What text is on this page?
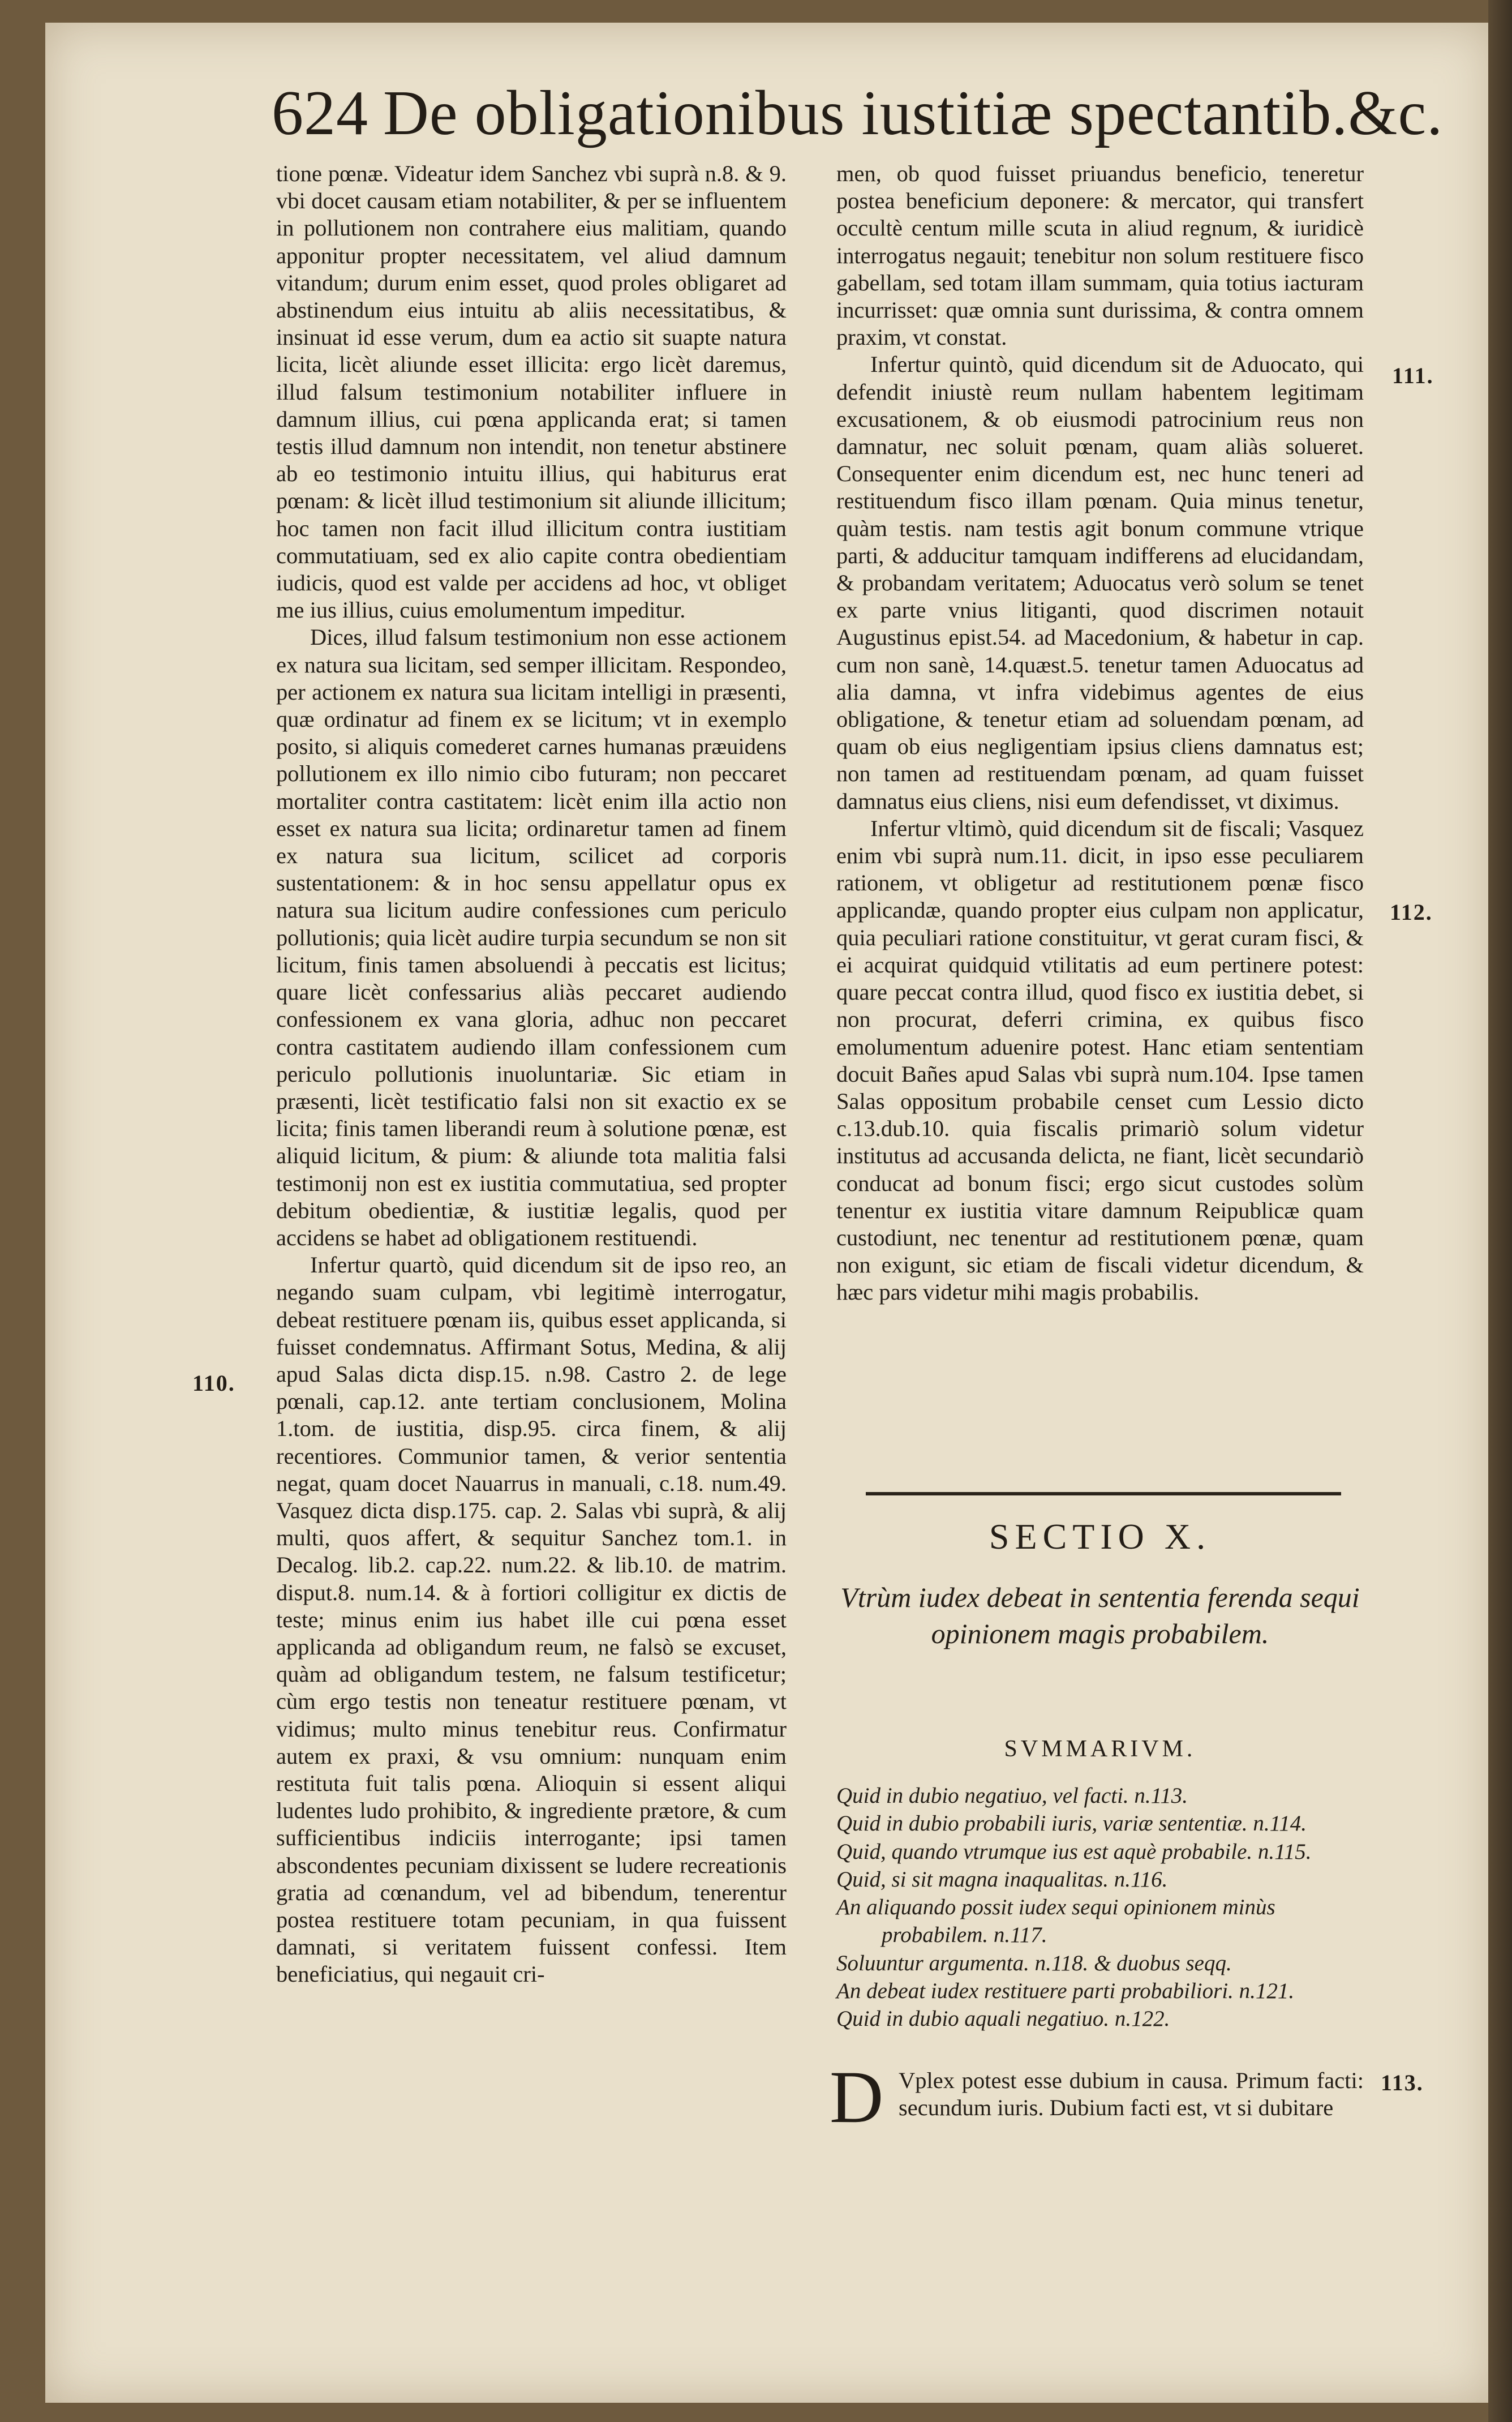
624 De obligationibus iustitiæ spectantib.&c.

tione pœnæ. Videatur idem Sanchez vbi suprà n.8. & 9. vbi docet causam etiam notabiliter, & per se influentem in pollutionem non contrahere eius malitiam, quando apponitur propter necessitatem, vel aliud damnum vitandum; durum enim esset, quod proles obligaret ad abstinendum eius intuitu ab aliis necessitatibus, & insinuat id esse verum, dum ea actio sit suapte natura licita, licèt aliunde esset illicita: ergo licèt daremus, illud falsum testimonium notabiliter influere in damnum illius, cui pœna applicanda erat; si tamen testis illud damnum non intendit, non tenetur abstinere ab eo testimonio intuitu illius, qui habiturus erat pœnam: & licèt illud testimonium sit aliunde illicitum; hoc tamen non facit illud illicitum contra iustitiam commutatiuam, sed ex alio capite contra obedientiam iudicis, quod est valde per accidens ad hoc, vt obliget me ius illius, cuius emolumentum impeditur.

Dices, illud falsum testimonium non esse actionem ex natura sua licitam, sed semper illicitam. Respondeo, per actionem ex natura sua licitam intelligi in præsenti, quæ ordinatur ad finem ex se licitum; vt in exemplo posito, si aliquis comederet carnes humanas præuidens pollutionem ex illo nimio cibo futuram; non peccaret mortaliter contra castitatem: licèt enim illa actio non esset ex natura sua licita; ordinaretur tamen ad finem ex natura sua licitum, scilicet ad corporis sustentationem: & in hoc sensu appellatur opus ex natura sua licitum audire confessiones cum periculo pollutionis; quia licèt audire turpia secundum se non sit licitum, finis tamen absoluendi à peccatis est licitus; quare licèt confessarius aliàs peccaret audiendo confessionem ex vana gloria, adhuc non peccaret contra castitatem audiendo illam confessionem cum periculo pollutionis inuoluntariæ. Sic etiam in præsenti, licèt testificatio falsi non sit exactio ex se licita; finis tamen liberandi reum à solutione pœnæ, est aliquid licitum, & pium: & aliunde tota malitia falsi testimonij non est ex iustitia commutatiua, sed propter debitum obedientiæ, & iustitiæ legalis, quod per accidens se habet ad obligationem restituendi.

Infertur quartò, quid dicendum sit de ipso reo, an negando suam culpam, vbi legitimè interrogatur, debeat restituere pœnam iis, quibus esset applicanda, si fuisset condemnatus. Affirmant Sotus, Medina, & alij apud Salas dicta disp.15. n.98. Castro 2. de lege pœnali, cap.12. ante tertiam conclusionem, Molina 1.tom. de iustitia, disp.95. circa finem, & alij recentiores. Communior tamen, & verior sententia negat, quam docet Nauarrus in manuali, c.18. num.49. Vasquez dicta disp.175. cap. 2. Salas vbi suprà, & alij multi, quos affert, & sequitur Sanchez tom.1. in Decalog. lib.2. cap.22. num.22. & lib.10. de matrim. disput.8. num.14. & à fortiori colligitur ex dictis de teste; minus enim ius habet ille cui pœna esset applicanda ad obligandum reum, ne falsò se excuset, quàm ad obligandum testem, ne falsum testificetur; cùm ergo testis non teneatur restituere pœnam, vt vidimus; multo minus tenebitur reus. Confirmatur autem ex praxi, & vsu omnium: nunquam enim restituta fuit talis pœna. Alioquin si essent aliqui ludentes ludo prohibito, & ingrediente prætore, & cum sufficientibus indiciis interrogante; ipsi tamen abscondentes pecuniam dixissent se ludere recreationis gratia ad cœnandum, vel ad bibendum, tenerentur postea restituere totam pecuniam, in qua fuissent damnati, si veritatem fuissent confessi. Item beneficiatius, qui negauit cri-

men, ob quod fuisset priuandus beneficio, teneretur postea beneficium deponere: & mercator, qui transfert occultè centum mille scuta in aliud regnum, & iuridicè interrogatus negauit; tenebitur non solum restituere fisco gabellam, sed totam illam summam, quia totius iacturam incurrisset: quæ omnia sunt durissima, & contra omnem praxim, vt constat.

Infertur quintò, quid dicendum sit de Aduocato, qui defendit iniustè reum nullam habentem legitimam excusationem, & ob eiusmodi patrocinium reus non damnatur, nec soluit pœnam, quam aliàs solueret. Consequenter enim dicendum est, nec hunc teneri ad restituendum fisco illam pœnam. Quia minus tenetur, quàm testis. nam testis agit bonum commune vtrique parti, & adducitur tamquam indifferens ad elucidandam, & probandam veritatem; Aduocatus verò solum se tenet ex parte vnius litiganti, quod discrimen notauit Augustinus epist.54. ad Macedonium, & habetur in cap. cum non sanè, 14.quæst.5. tenetur tamen Aduocatus ad alia damna, vt infra videbimus agentes de eius obligatione, & tenetur etiam ad soluendam pœnam, ad quam ob eius negligentiam ipsius cliens damnatus est; non tamen ad restituendam pœnam, ad quam fuisset damnatus eius cliens, nisi eum defendisset, vt diximus.

Infertur vltimò, quid dicendum sit de fiscali; Vasquez enim vbi suprà num.11. dicit, in ipso esse peculiarem rationem, vt obligetur ad restitutionem pœnæ fisco applicandæ, quando propter eius culpam non applicatur, quia peculiari ratione constituitur, vt gerat curam fisci, & ei acquirat quidquid vtilitatis ad eum pertinere potest: quare peccat contra illud, quod fisco ex iustitia debet, si non procurat, deferri crimina, ex quibus fisco emolumentum aduenire potest. Hanc etiam sententiam docuit Bañes apud Salas vbi suprà num.104. Ipse tamen Salas oppositum probabile censet cum Lessio dicto c.13.dub.10. quia fiscalis primariò solum videtur institutus ad accusanda delicta, ne fiant, licèt secundariò conducat ad bonum fisci; ergo sicut custodes solùm tenentur ex iustitia vitare damnum Reipublicæ quam custodiunt, nec tenentur ad restitutionem pœnæ, quam non exigunt, sic etiam de fiscali videtur dicendum, & hæc pars videtur mihi magis probabilis.

110.
111.
112.
113.
SECTIO X.
Vtrùm iudex debeat in sententia ferenda sequi opinionem magis probabilem.
SVMMARIVM.
Quid in dubio negatiuo, vel facti. n.113.
Quid in dubio probabili iuris, variæ sententiæ. n.114.
Quid, quando vtrumque ius est aquè probabile. n.115.
Quid, si sit magna inaqualitas. n.116.
An aliquando possit iudex sequi opinionem minùs
probabilem. n.117.
Soluuntur argumenta. n.118. & duobus seqq.
An debeat iudex restituere parti probabiliori. n.121.
Quid in dubio aquali negatiuo. n.122.
D Vplex potest esse dubium in causa. Primum facti: secundum iuris. Dubium facti est, vt si dubitare
